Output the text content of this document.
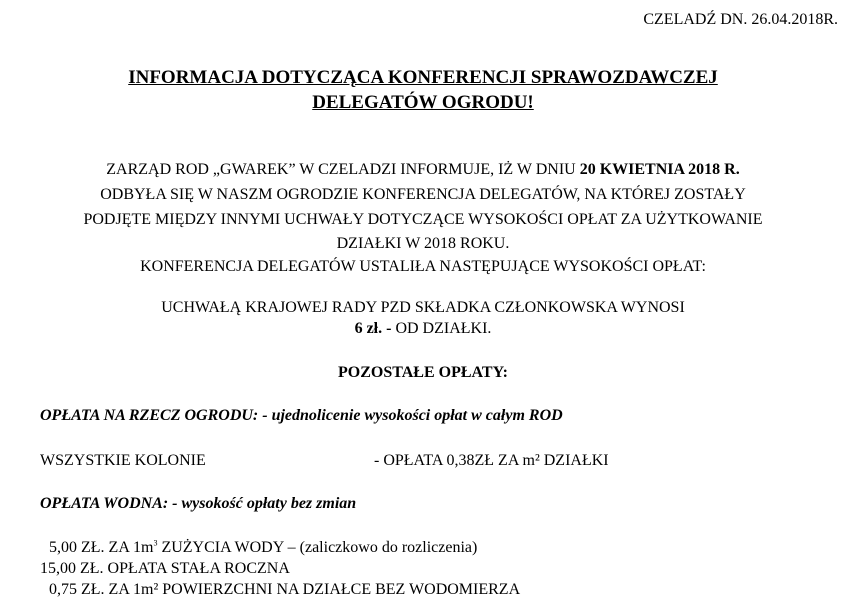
CZELADŹ DN. 26.04.2018R.
INFORMACJA DOTYCZĄCA KONFERENCJI SPRAWOZDAWCZEJ
DELEGATÓW OGRODU!
ZARZĄD ROD „GWAREK” W CZELADZI INFORMUJE, IŻ W DNIU 20 KWIETNIA 2018 R.
ODBYŁA SIĘ W NASZM OGRODZIE KONFERENCJA DELEGATÓW, NA KTÓREJ ZOSTAŁY
PODJĘTE MIĘDZY INNYMI UCHWAŁY DOTYCZĄCE WYSOKOŚCI OPŁAT ZA UŻYTKOWANIE
DZIAŁKI W 2018 ROKU.
KONFERENCJA DELEGATÓW USTALIŁA NASTĘPUJĄCE WYSOKOŚCI OPŁAT:
UCHWAŁĄ KRAJOWEJ RADY PZD SKŁADKA CZŁONKOWSKA WYNOSI
6 zł. - OD DZIAŁKI.
POZOSTAŁE OPŁATY:
OPŁATA NA RZECZ OGRODU: - ujednolicenie wysokości opłat w całym ROD
WSZYSTKIE KOLONIE	- OPŁATA 0,38ZŁ ZA m² DZIAŁKI
OPŁATA WODNA: - wysokość opłaty bez zmian
5,00 ZŁ. ZA $1m^3$ ZUŻYCIA WODY – (zaliczkowo do rozliczenia)
15,00 ZŁ. OPŁATA STAŁA ROCZNA
0,75 ZŁ. ZA 1m² POWIERZCHNI NA DZIAŁCE BEZ WODOMIERZA
